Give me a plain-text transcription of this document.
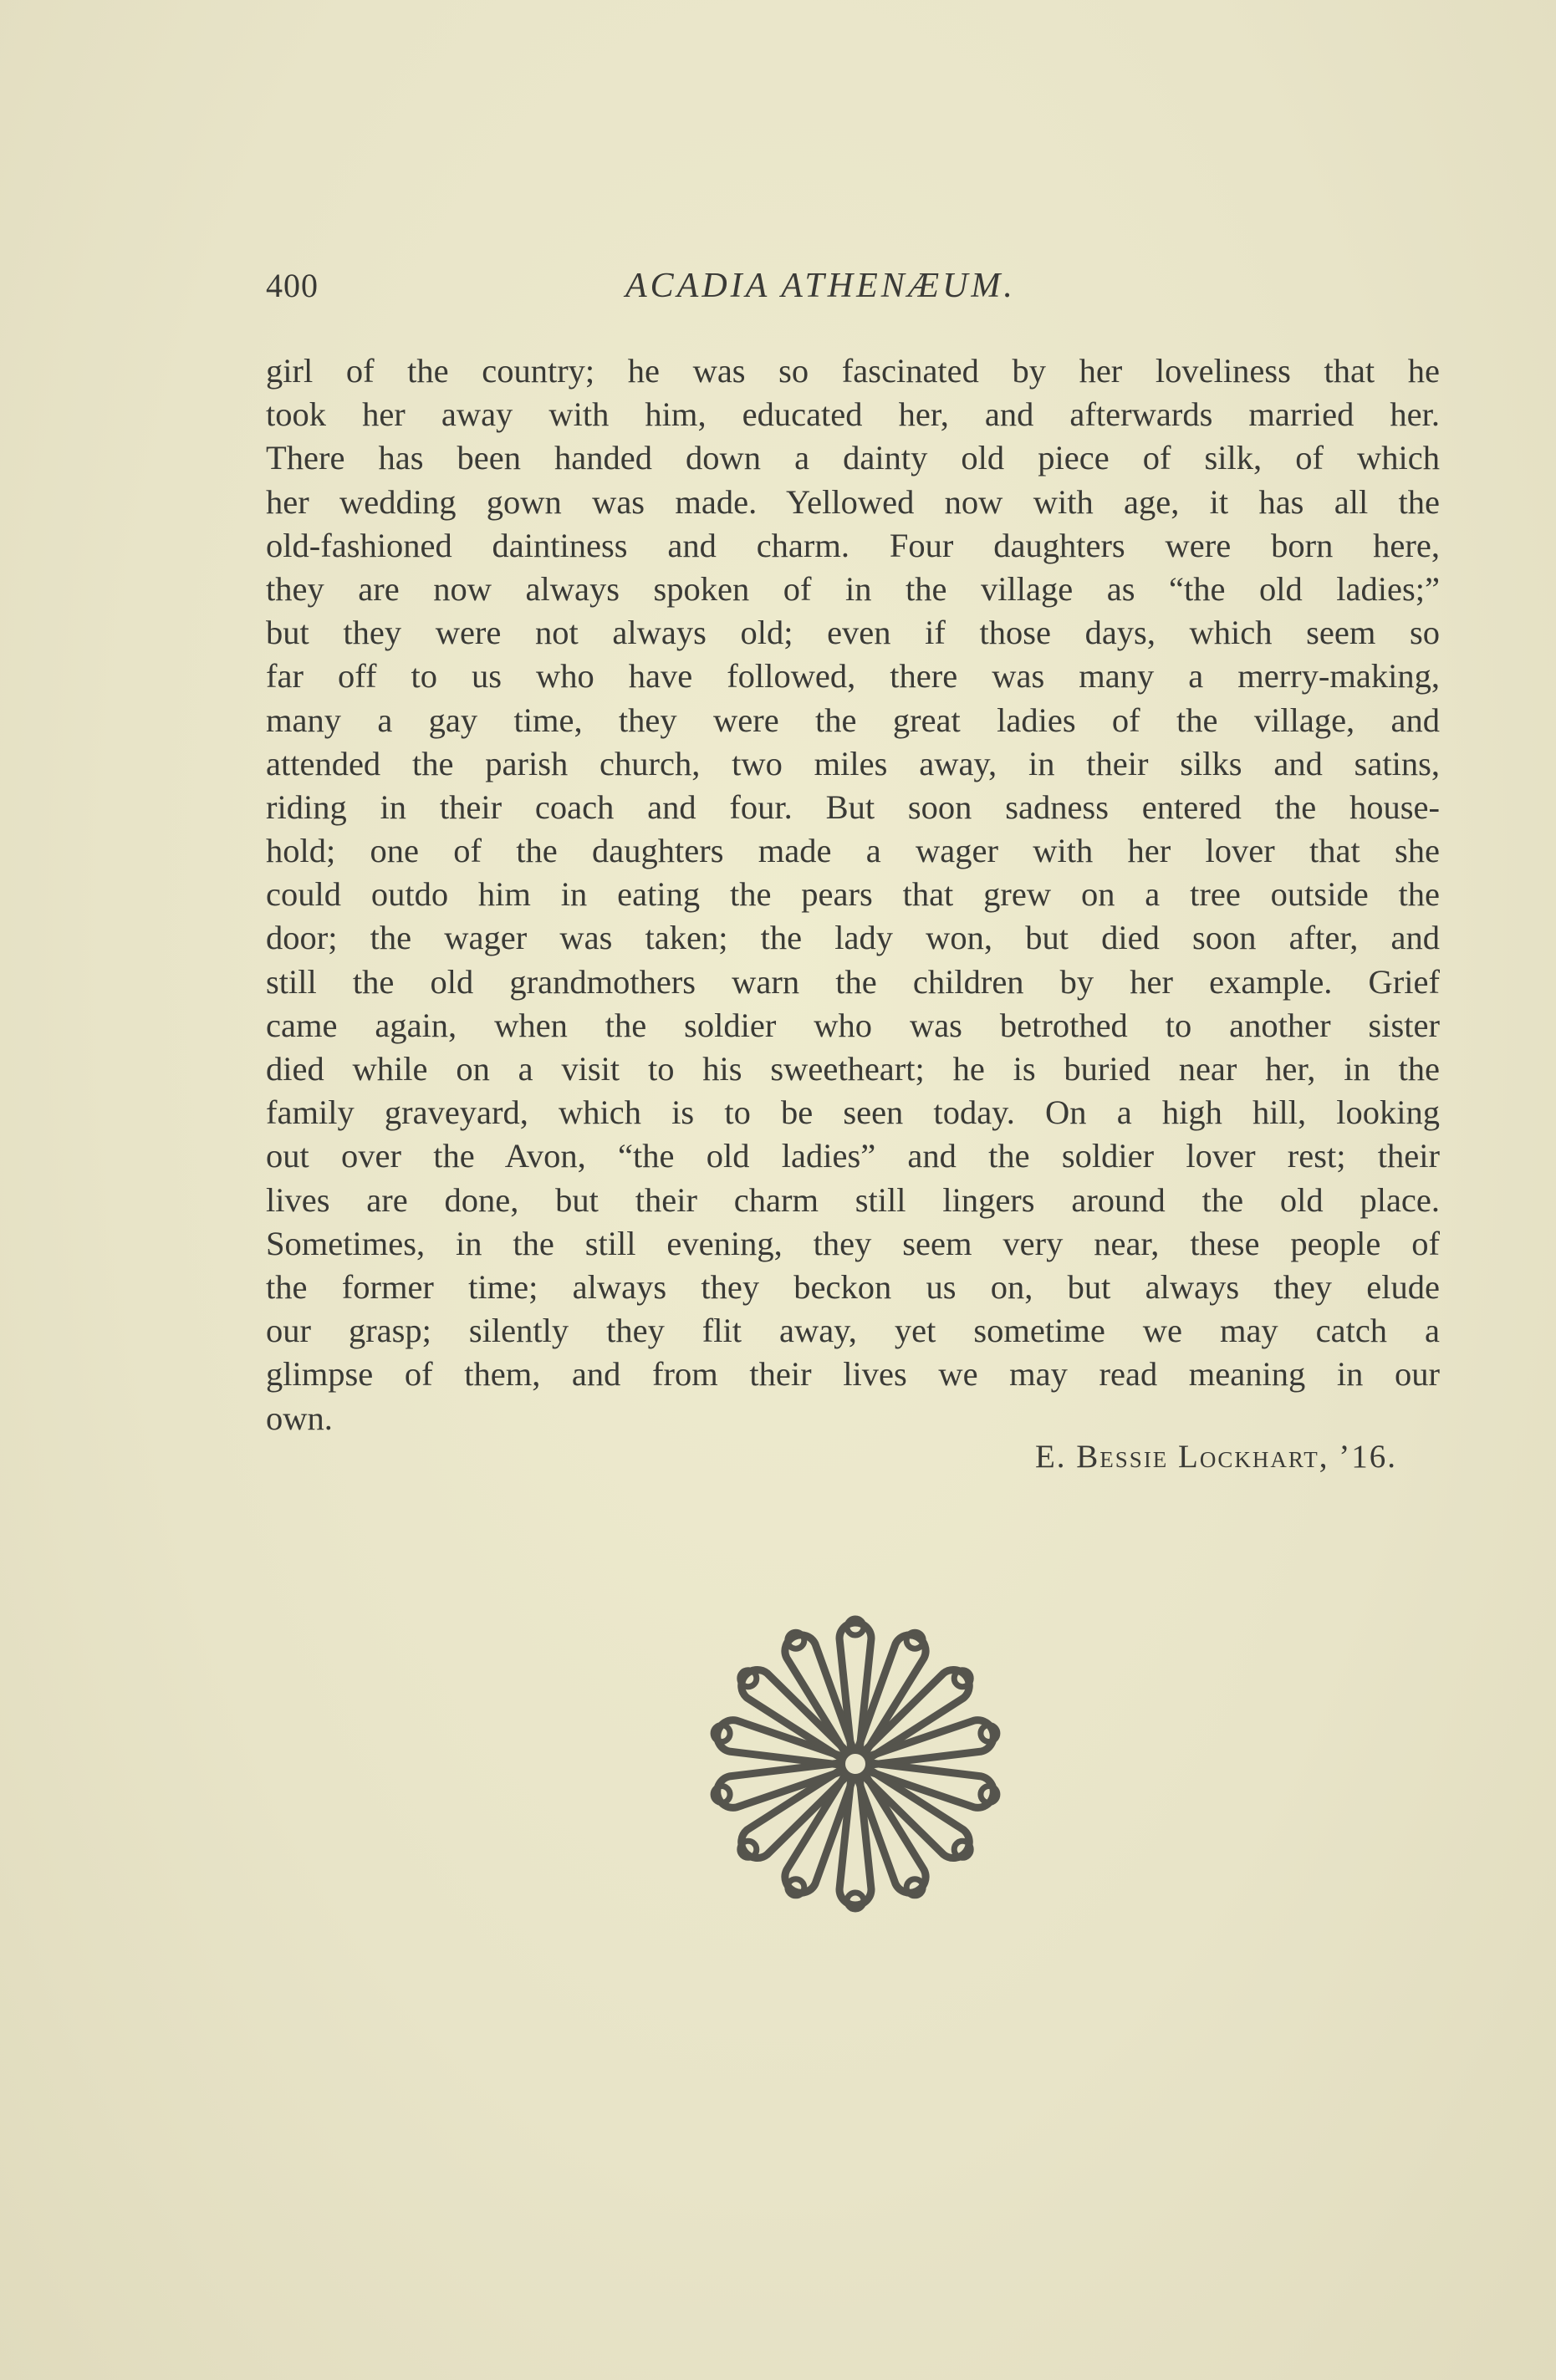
400	ACADIA ATHENÆUM.
girl of the country; he was so fascinated by her loveliness that he
took her away with him, educated her, and afterwards married her.
There has been handed down a dainty old piece of silk, of which
her wedding gown was made. Yellowed now with age, it has all the
old-fashioned daintiness and charm. Four daughters were born here,
they are now always spoken of in the village as “the old ladies;”
but they were not always old; even if those days, which seem so
far off to us who have followed, there was many a merry-making,
many a gay time, they were the great ladies of the village, and
attended the parish church, two miles away, in their silks and satins,
riding in their coach and four. But soon sadness entered the house-
hold; one of the daughters made a wager with her lover that she
could outdo him in eating the pears that grew on a tree outside the
door; the wager was taken; the lady won, but died soon after, and
still the old grandmothers warn the children by her example. Grief
came again, when the soldier who was betrothed to another sister
died while on a visit to his sweetheart; he is buried near her, in the
family graveyard, which is to be seen today. On a high hill, looking
out over the Avon, “the old ladies” and the soldier lover rest; their
lives are done, but their charm still lingers around the old place.
Sometimes, in the still evening, they seem very near, these people of
the former time; always they beckon us on, but always they elude
our grasp; silently they flit away, yet sometime we may catch a
glimpse of them, and from their lives we may read meaning in our
own.
E. Bessie Lockhart, ’16.
